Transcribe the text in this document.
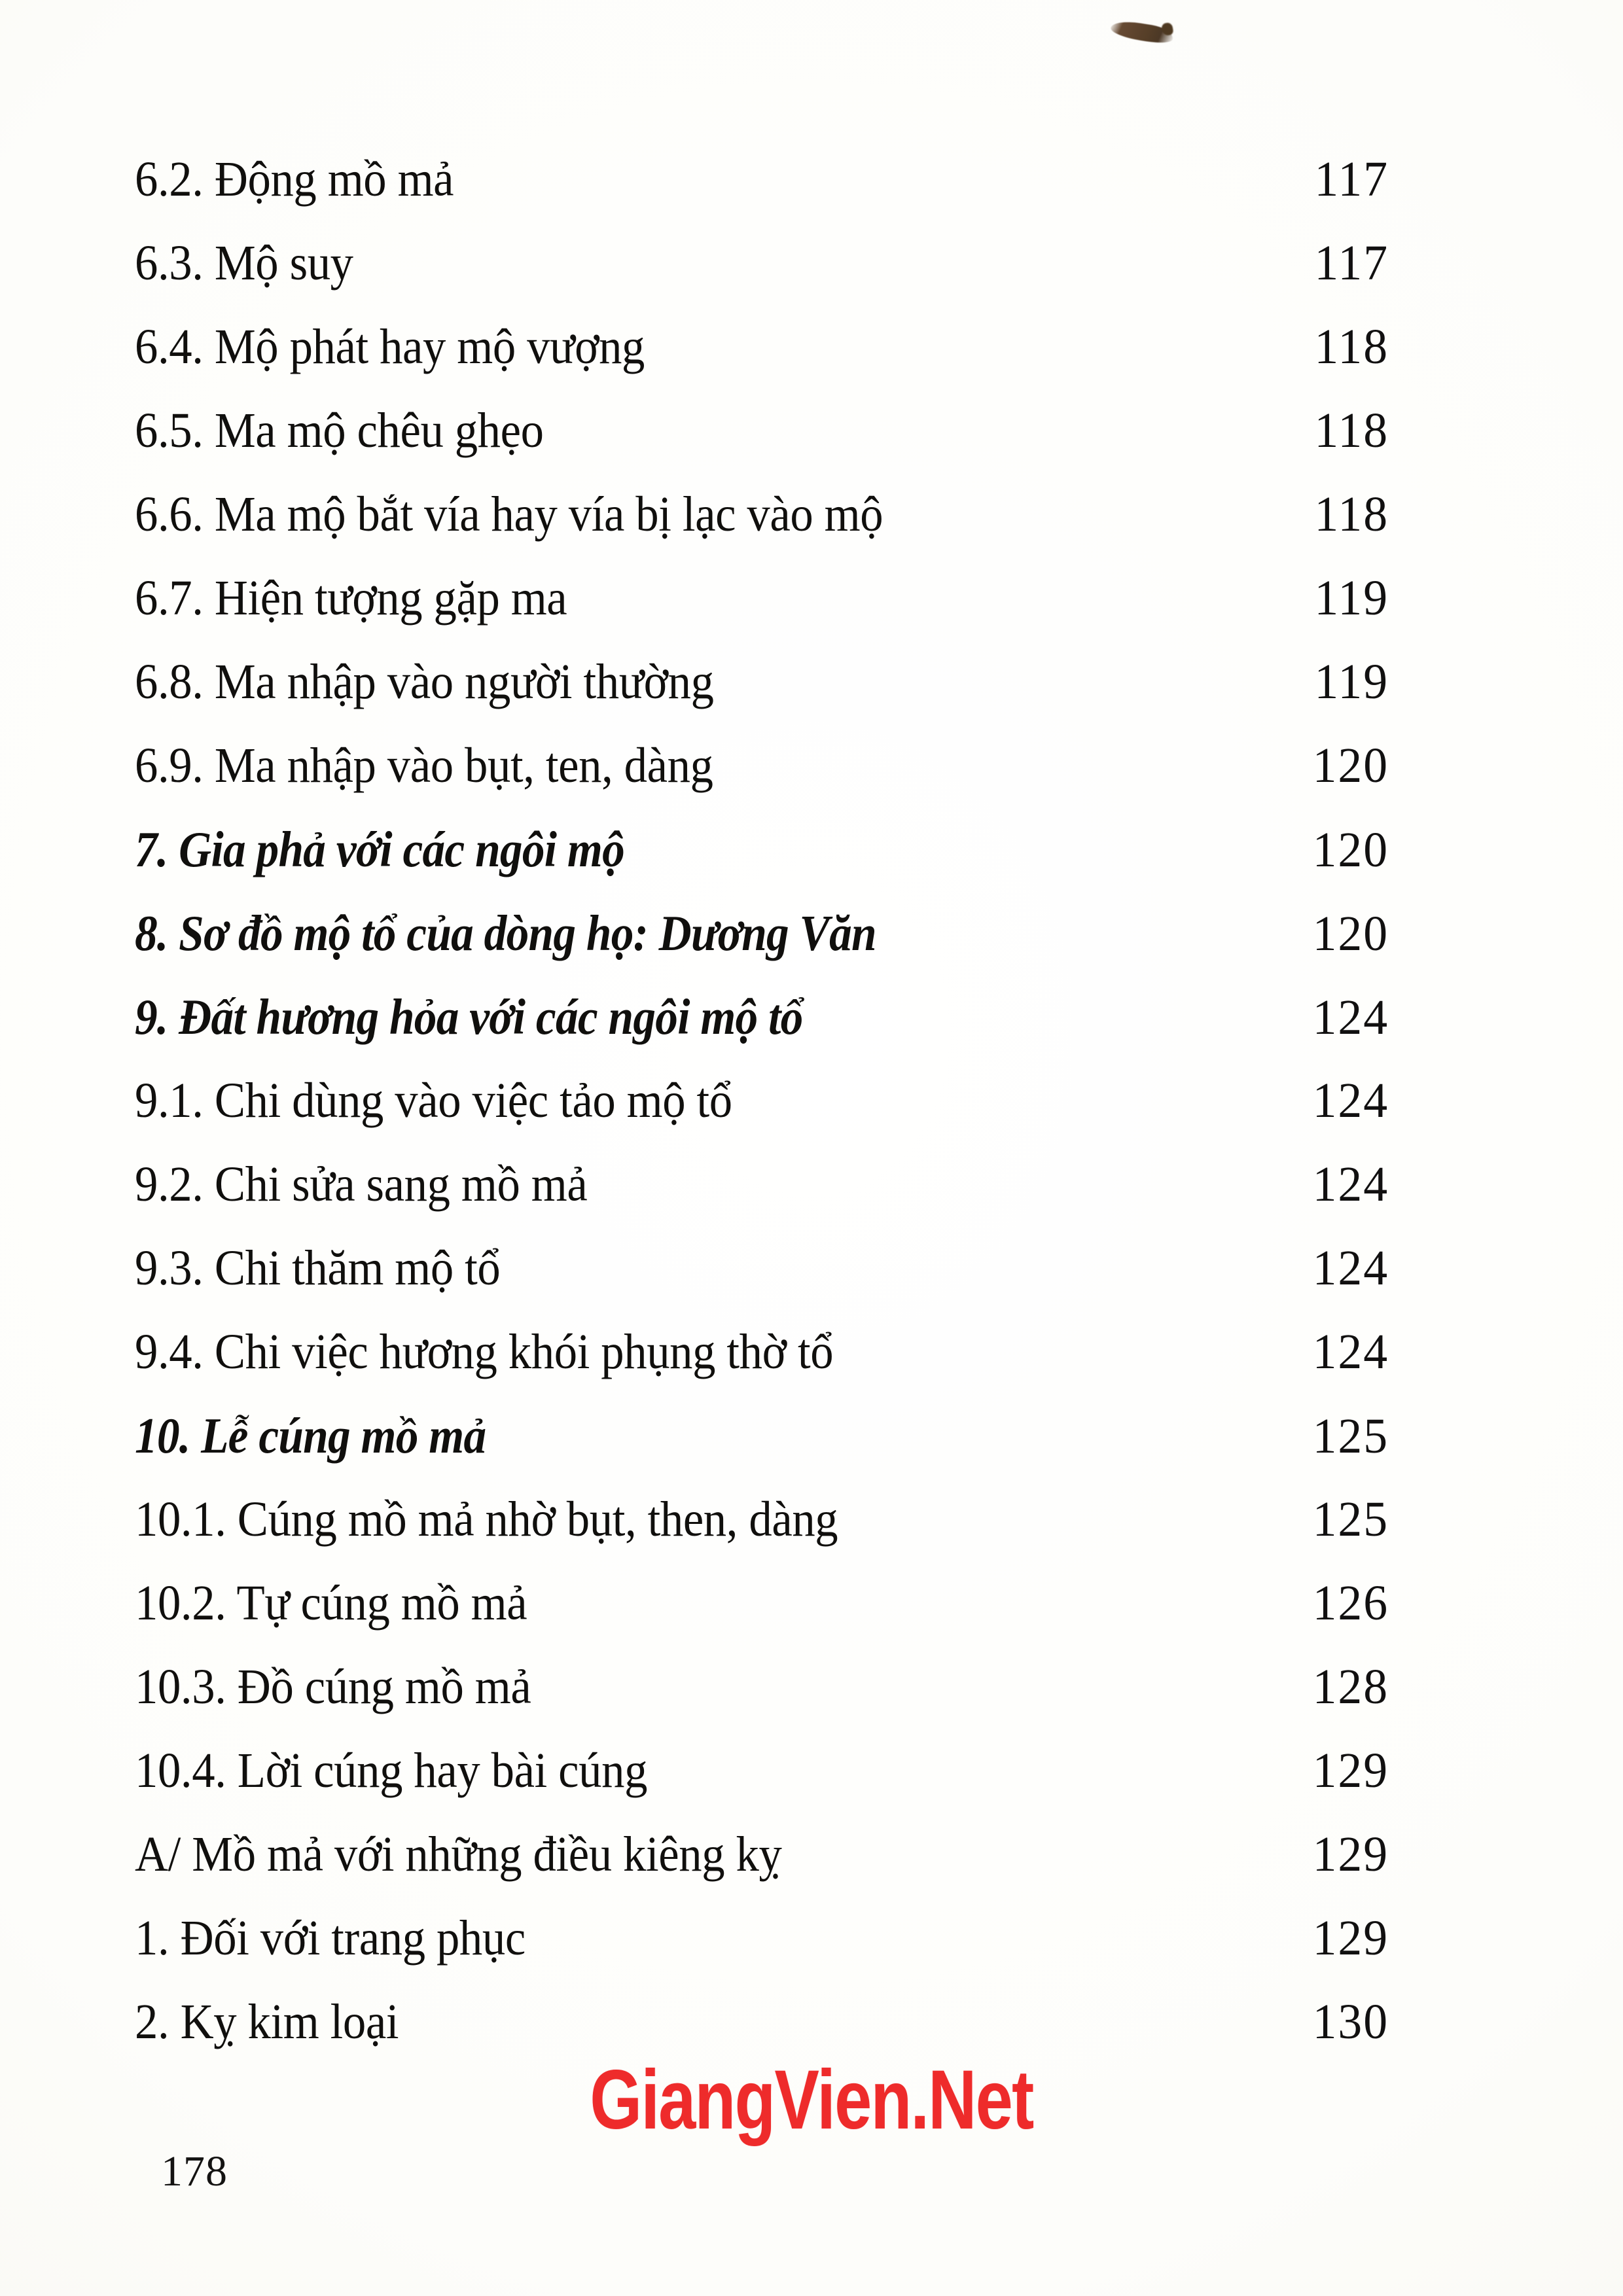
6.2. Động mồ mả	117
6.3. Mộ suy	117
6.4. Mộ phát hay mộ vượng	118
6.5. Ma mộ chêu ghẹo	118
6.6. Ma mộ bắt vía hay vía bị lạc vào mộ	118
6.7. Hiện tượng gặp ma	119
6.8. Ma nhập vào người thường	119
6.9. Ma nhập vào bụt, ten, dàng	120
7. Gia phả với các ngôi mộ	120
8. Sơ đồ mộ tổ của dòng họ: Dương Văn	120
9. Đất hương hỏa với các ngôi mộ tổ	124
9.1. Chi dùng vào việc tảo mộ tổ	124
9.2. Chi sửa sang mồ mả	124
9.3. Chi thăm mộ tổ	124
9.4. Chi việc hương khói phụng thờ tổ	124
10. Lễ cúng mồ mả	125
10.1. Cúng mồ mả nhờ bụt, then, dàng	125
10.2. Tự cúng mồ mả	126
10.3. Đồ cúng mồ mả	128
10.4. Lời cúng hay bài cúng	129
A/ Mồ mả với những điều kiêng kỵ	129
1. Đối với trang phục	129
2. Kỵ kim loại	130
GiangVien.Net
178
